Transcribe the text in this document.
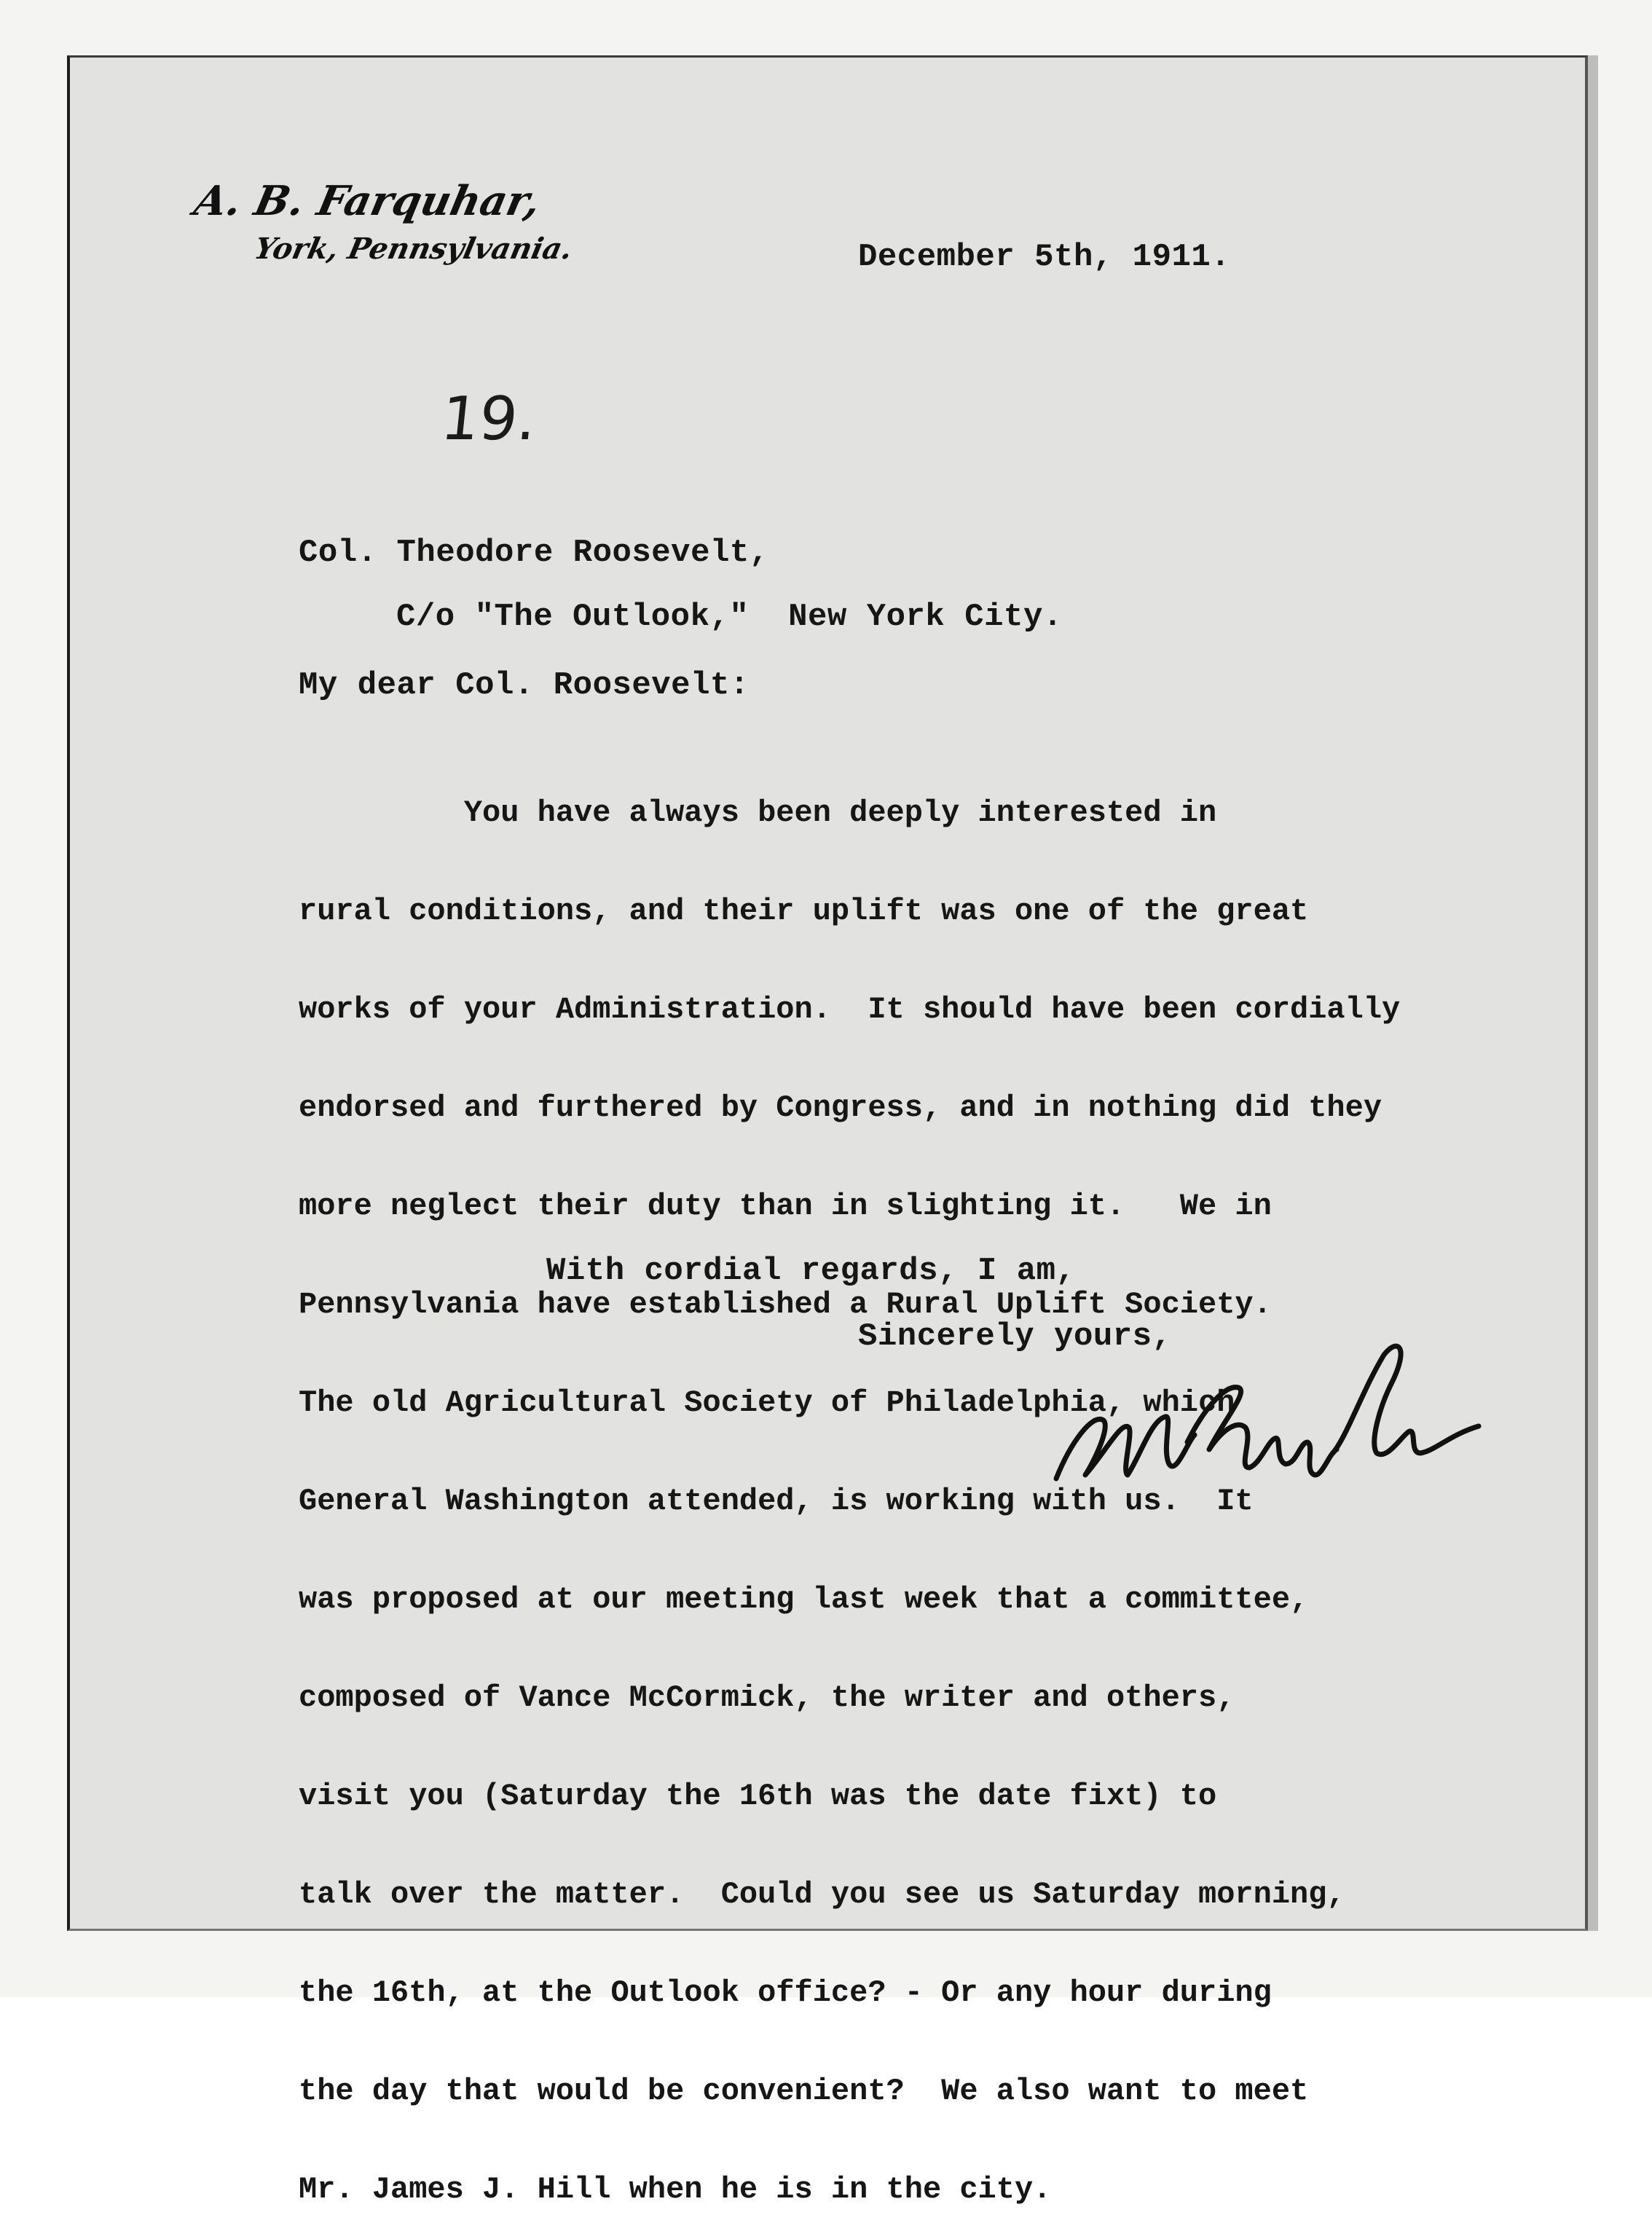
A. B. Farquhar,
York, Pennsylvania.	December 5th, 1911.
19.
Col. Theodore Roosevelt,
C/o "The Outlook,"  New York City.
My dear Col. Roosevelt:

You have always been deeply interested in

rural conditions, and their uplift was one of the great

works of your Administration.  It should have been cordially

endorsed and furthered by Congress, and in nothing did they

more neglect their duty than in slighting it.   We in

Pennsylvania have established a Rural Uplift Society.

The old Agricultural Society of Philadelphia, which

General Washington attended, is working with us.  It

was proposed at our meeting last week that a committee,

composed of Vance McCormick, the writer and others,

visit you (Saturday the 16th was the date fixt) to

talk over the matter.  Could you see us Saturday morning,

the 16th, at the Outlook office? - Or any hour during

the day that would be convenient?  We also want to meet

Mr. James J. Hill when he is in the city.

With cordial regards, I am,
Sincerely yours,
